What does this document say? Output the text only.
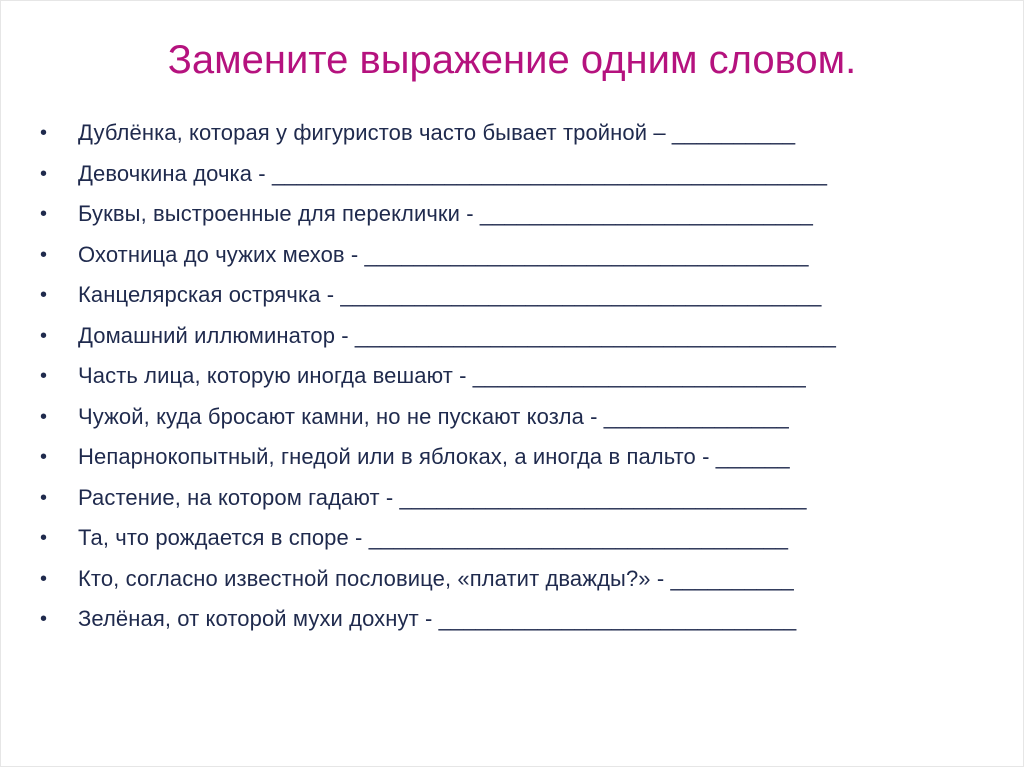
Замените выражение одним словом.
•	Дублёнка, которая у фигуристов часто бывает тройной – __________
•	Девочкина дочка - _____________________________________________
•	Буквы, выстроенные для переклички - ___________________________
•	Охотница до чужих мехов - ____________________________________
•	Канцелярская острячка - _______________________________________
•	Домашний иллюминатор - _______________________________________
•	Часть лица, которую иногда вешают - ___________________________
•	Чужой, куда бросают камни, но не пускают козла - _______________
•	Непарнокопытный, гнедой или в яблоках, а иногда в пальто - ______
•	Растение, на котором гадают - _________________________________
•	Та, что рождается в споре - __________________________________
•	Кто, согласно известной пословице, «платит дважды?» - __________
•	Зелёная, от которой мухи дохнут - _____________________________
